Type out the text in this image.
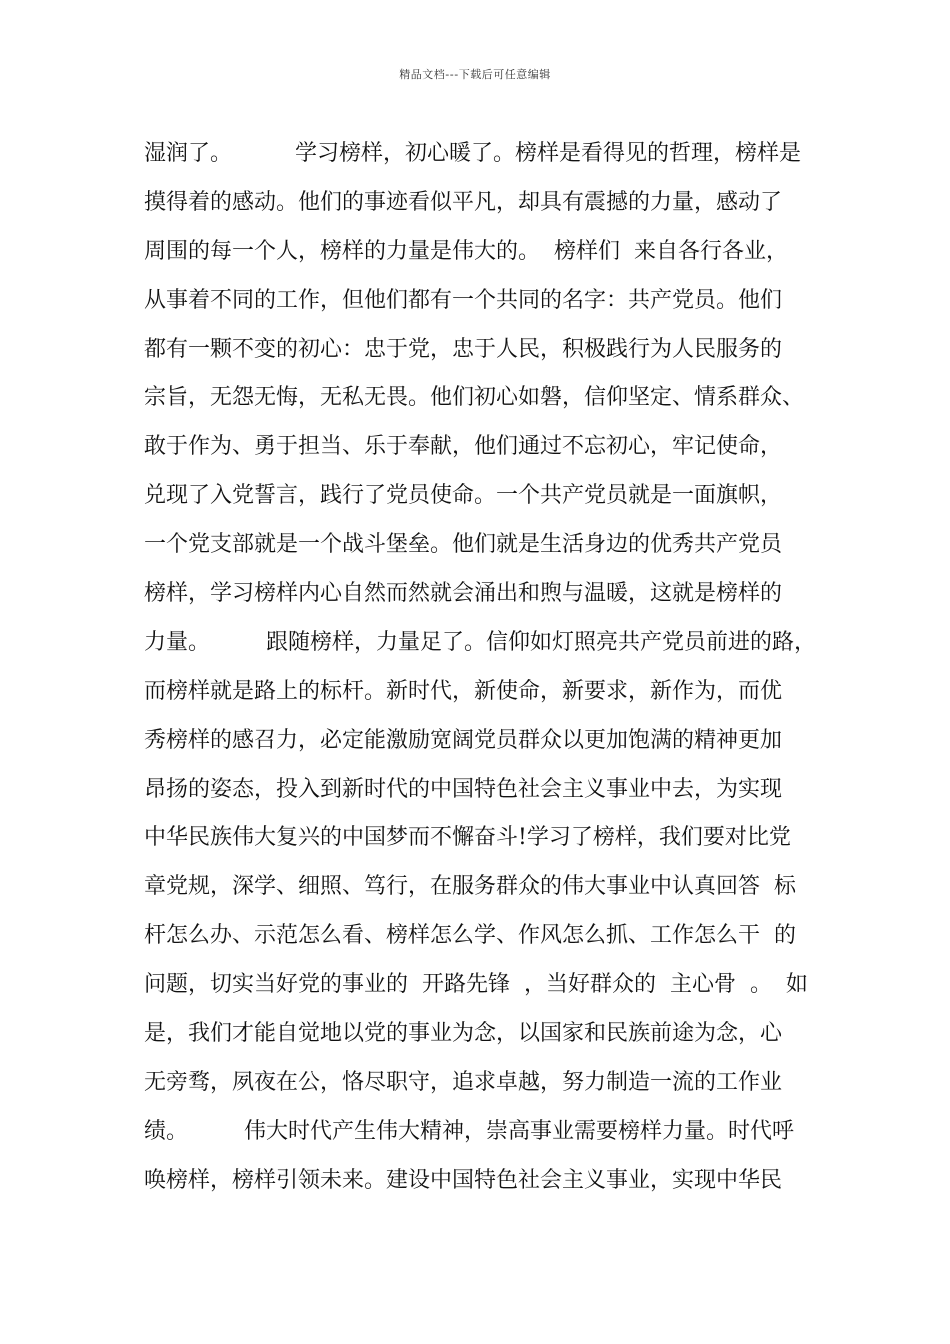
精品文档---下载后可任意编辑
湿润了。         学习榜样，初心暖了。榜样是看得见的哲理，榜样是
摸得着的感动。他们的事迹看似平凡，却具有震撼的力量，感动了
周围的每一个人，榜样的力量是伟大的。  榜样们  来自各行各业，
从事着不同的工作，但他们都有一个共同的名字：共产党员。他们
都有一颗不变的初心：忠于党，忠于人民，积极践行为人民服务的
宗旨，无怨无悔，无私无畏。他们初心如磐，信仰坚定、情系群众、
敢于作为、勇于担当、乐于奉献，他们通过不忘初心，牢记使命，
兑现了入党誓言，践行了党员使命。一个共产党员就是一面旗帜，
一个党支部就是一个战斗堡垒。他们就是生活身边的优秀共产党员
榜样，学习榜样内心自然而然就会涌出和煦与温暖，这就是榜样的
力量。        跟随榜样，力量足了。信仰如灯照亮共产党员前进的路，
而榜样就是路上的标杆。新时代，新使命，新要求，新作为，而优
秀榜样的感召力，必定能激励宽阔党员群众以更加饱满的精神更加
昂扬的姿态，投入到新时代的中国特色社会主义事业中去，为实现
中华民族伟大复兴的中国梦而不懈奋斗!学习了榜样，我们要对比党
章党规，深学、细照、笃行，在服务群众的伟大事业中认真回答  标
杆怎么办、示范怎么看、榜样怎么学、作风怎么抓、工作怎么干  的
问题，切实当好党的事业的  开路先锋  ，当好群众的  主心骨  。  如
是，我们才能自觉地以党的事业为念，以国家和民族前途为念，心
无旁骛，夙夜在公，恪尽职守，追求卓越，努力制造一流的工作业
绩。        伟大时代产生伟大精神，崇高事业需要榜样力量。时代呼
唤榜样，榜样引领未来。建设中国特色社会主义事业，实现中华民
